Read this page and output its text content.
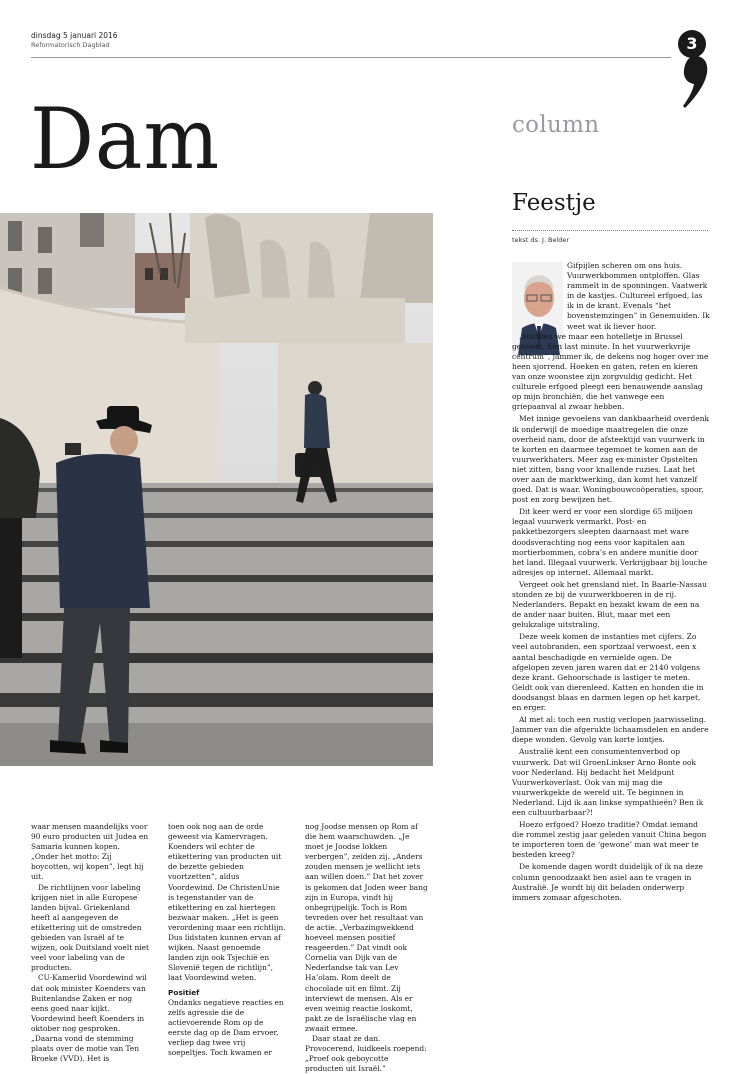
dinsdag 5 januari 2016
Reformatorisch Dagblad	3
Dam

waar mensen maandelijks voor 90 euro producten uit Judea en Samaria kunnen kopen. „Onder het motto: Zij boycotten, wij kopen”, legt hij uit.

De richtlijnen voor labeling krijgen niet in alle Europese landen bijval. Griekenland heeft al aangegeven de etikettering uit de omstreden gebieden van Israël af te wijzen, ook Duitsland voelt niet veel voor labeling van de producten.

CU-Kamerlid Voordewind wil dat ook minister Koenders van Buitenlandse Zaken er nog eens goed naar kijkt. Voordewind heeft Koenders in oktober nog gesproken. „Daarna vond de stemming plaats over de motie van Ten Broeke (VVD). Het is

toen ook nog aan de orde geweest via Kamervragen. Koenders wil echter de etikettering van producten uit de bezette gebieden voortzetten”, aldus Voordewind. De ChristenUnie is tegenstander van de etikettering en zal hiertegen bezwaar maken. „Het is geen verordening maar een richtlijn. Dus lidstaten kunnen ervan af wijken. Naast genoemde landen zijn ook Tsjechië en Slovenië tegen de richtlijn”, laat Voordewind weten.

Positief

Ondanks negatieve reacties en zelfs agressie die de actievoerende Rom op de eerste dag op de Dam ervoer, verliep dag twee vrij soepeltjes. Toch kwamen er

nog Joodse mensen op Rom af die hem waarschuwden. „Je moet je Joodse lokken verbergen”, zeiden zij. „Anders zouden mensen je wellicht iets aan willen doen.” Dat het zover is gekomen dat Joden weer bang zijn in Europa, vindt hij onbegrijpelijk. Toch is Rom tevreden over het resultaat van de actie. „Verbazingwekkend hoeveel mensen positief reageerden.” Dat vindt ook Cornelia van Dijk van de Nederlandse tak van Lev Ha’olam. Rom deelt de chocolade uit en filmt. Zij interviewt de mensen. Als er even weinig reactie loskomt, pakt ze de Israëlische vlag en zwaait ermee.

Daar staat ze dan. Provocerend, luidkeels roepend: „Proef ook geboycotte producten uit Israël.”

column
Feestje
tekst ds. J. Belder

Gifpijlen scheren om ons huis. Vuurwerkbommen ontploffen. Glas rammelt in de sponningen. Vaatwerk in de kastjes. Cultureel erfgoed, las ik in de krant. Evenals “het bovenstemzingen” in Genemuiden. Ik weet wat ik liever hoor.

„Hadden we maar een hotelletje in Brussel geboekt. Een last minute. In het vuurwerkvrije centrum”, jammer ik, de dekens nog hoger over me heen sjorrend. Hoeken en gaten, reten en kieren van onze woonstee zijn zorgvuldig gedicht. Het culturele erfgoed pleegt een benauwende aanslag op mijn bronchiën, die het vanwege een griepaanval al zwaar hebben.

Met innige gevoelens van dankbaarheid overdenk ik onderwijl de moedige maatregelen die onze overheid nam, door de afsteektijd van vuurwerk in te korten en daarmee tegemoet te komen aan de vuurwerkhaters. Meer zag ex-minister Opstelten niet zitten, bang voor knallende ruzies. Laat het over aan de marktwerking, dan komt het vanzelf goed. Dat is waar. Woningbouwcoöperaties, spoor, post en zorg bewijzen het.

Dit keer werd er voor een slordige 65 miljoen legaal vuurwerk vermarkt. Post- en pakketbezorgers sleepten daarnaast met ware doodsverachting nog eens voor kapitalen aan mortierbommen, cobra’s en andere munitie door het land. Illegaal vuurwerk. Verkrijgbaar bij louche adresjes op internet. Allemaal markt.

Vergeet ook het grensland niet. In Baarle-Nassau stonden ze bij de vuurwerkboeren in de rij. Nederlanders. Bepakt en bezakt kwam de een na de ander naar buiten. Blut, maar met een gelukzalige uitstraling.

Deze week komen de instanties met cijfers. Zo veel autobranden, een sportzaal verwoest, een x aantal beschadigde en vernielde ogen. De afgelopen zeven jaren waren dat er 2140 volgens deze krant. Gehoorschade is lastiger te meten. Geldt ook van dierenleed. Katten en honden die in doodsangst blaas en darmen legen op het karpet, en erger.

Al met al: toch een rustig verlopen jaarwisseling. Jammer van die afgerukte lichaamsdelen en andere diepe wonden. Gevolg van korte lontjes.

Australië kent een consumentenverbod op vuurwerk. Dat wil GroenLinkser Arno Bonte ook voor Nederland. Hij bedacht het Meldpunt Vuurwerkoverlast. Ook van mij mag die vuurwerkgekte de wereld uit. Te beginnen in Nederland. Lijd ik aan linkse sympathieën? Ben ik een cultuurbarbaar?!

Hoezo erfgoed? Hoezo traditie? Omdat iemand die rommel zestig jaar geleden vanuit China begon te importeren toen de ‘gewone’ man wat meer te besteden kreeg?

De komende dagen wordt duidelijk of ik na deze column genoodzaakt ben asiel aan te vragen in Australië. Je wordt bij dit beladen onderwerp immers zomaar afgeschoten.
